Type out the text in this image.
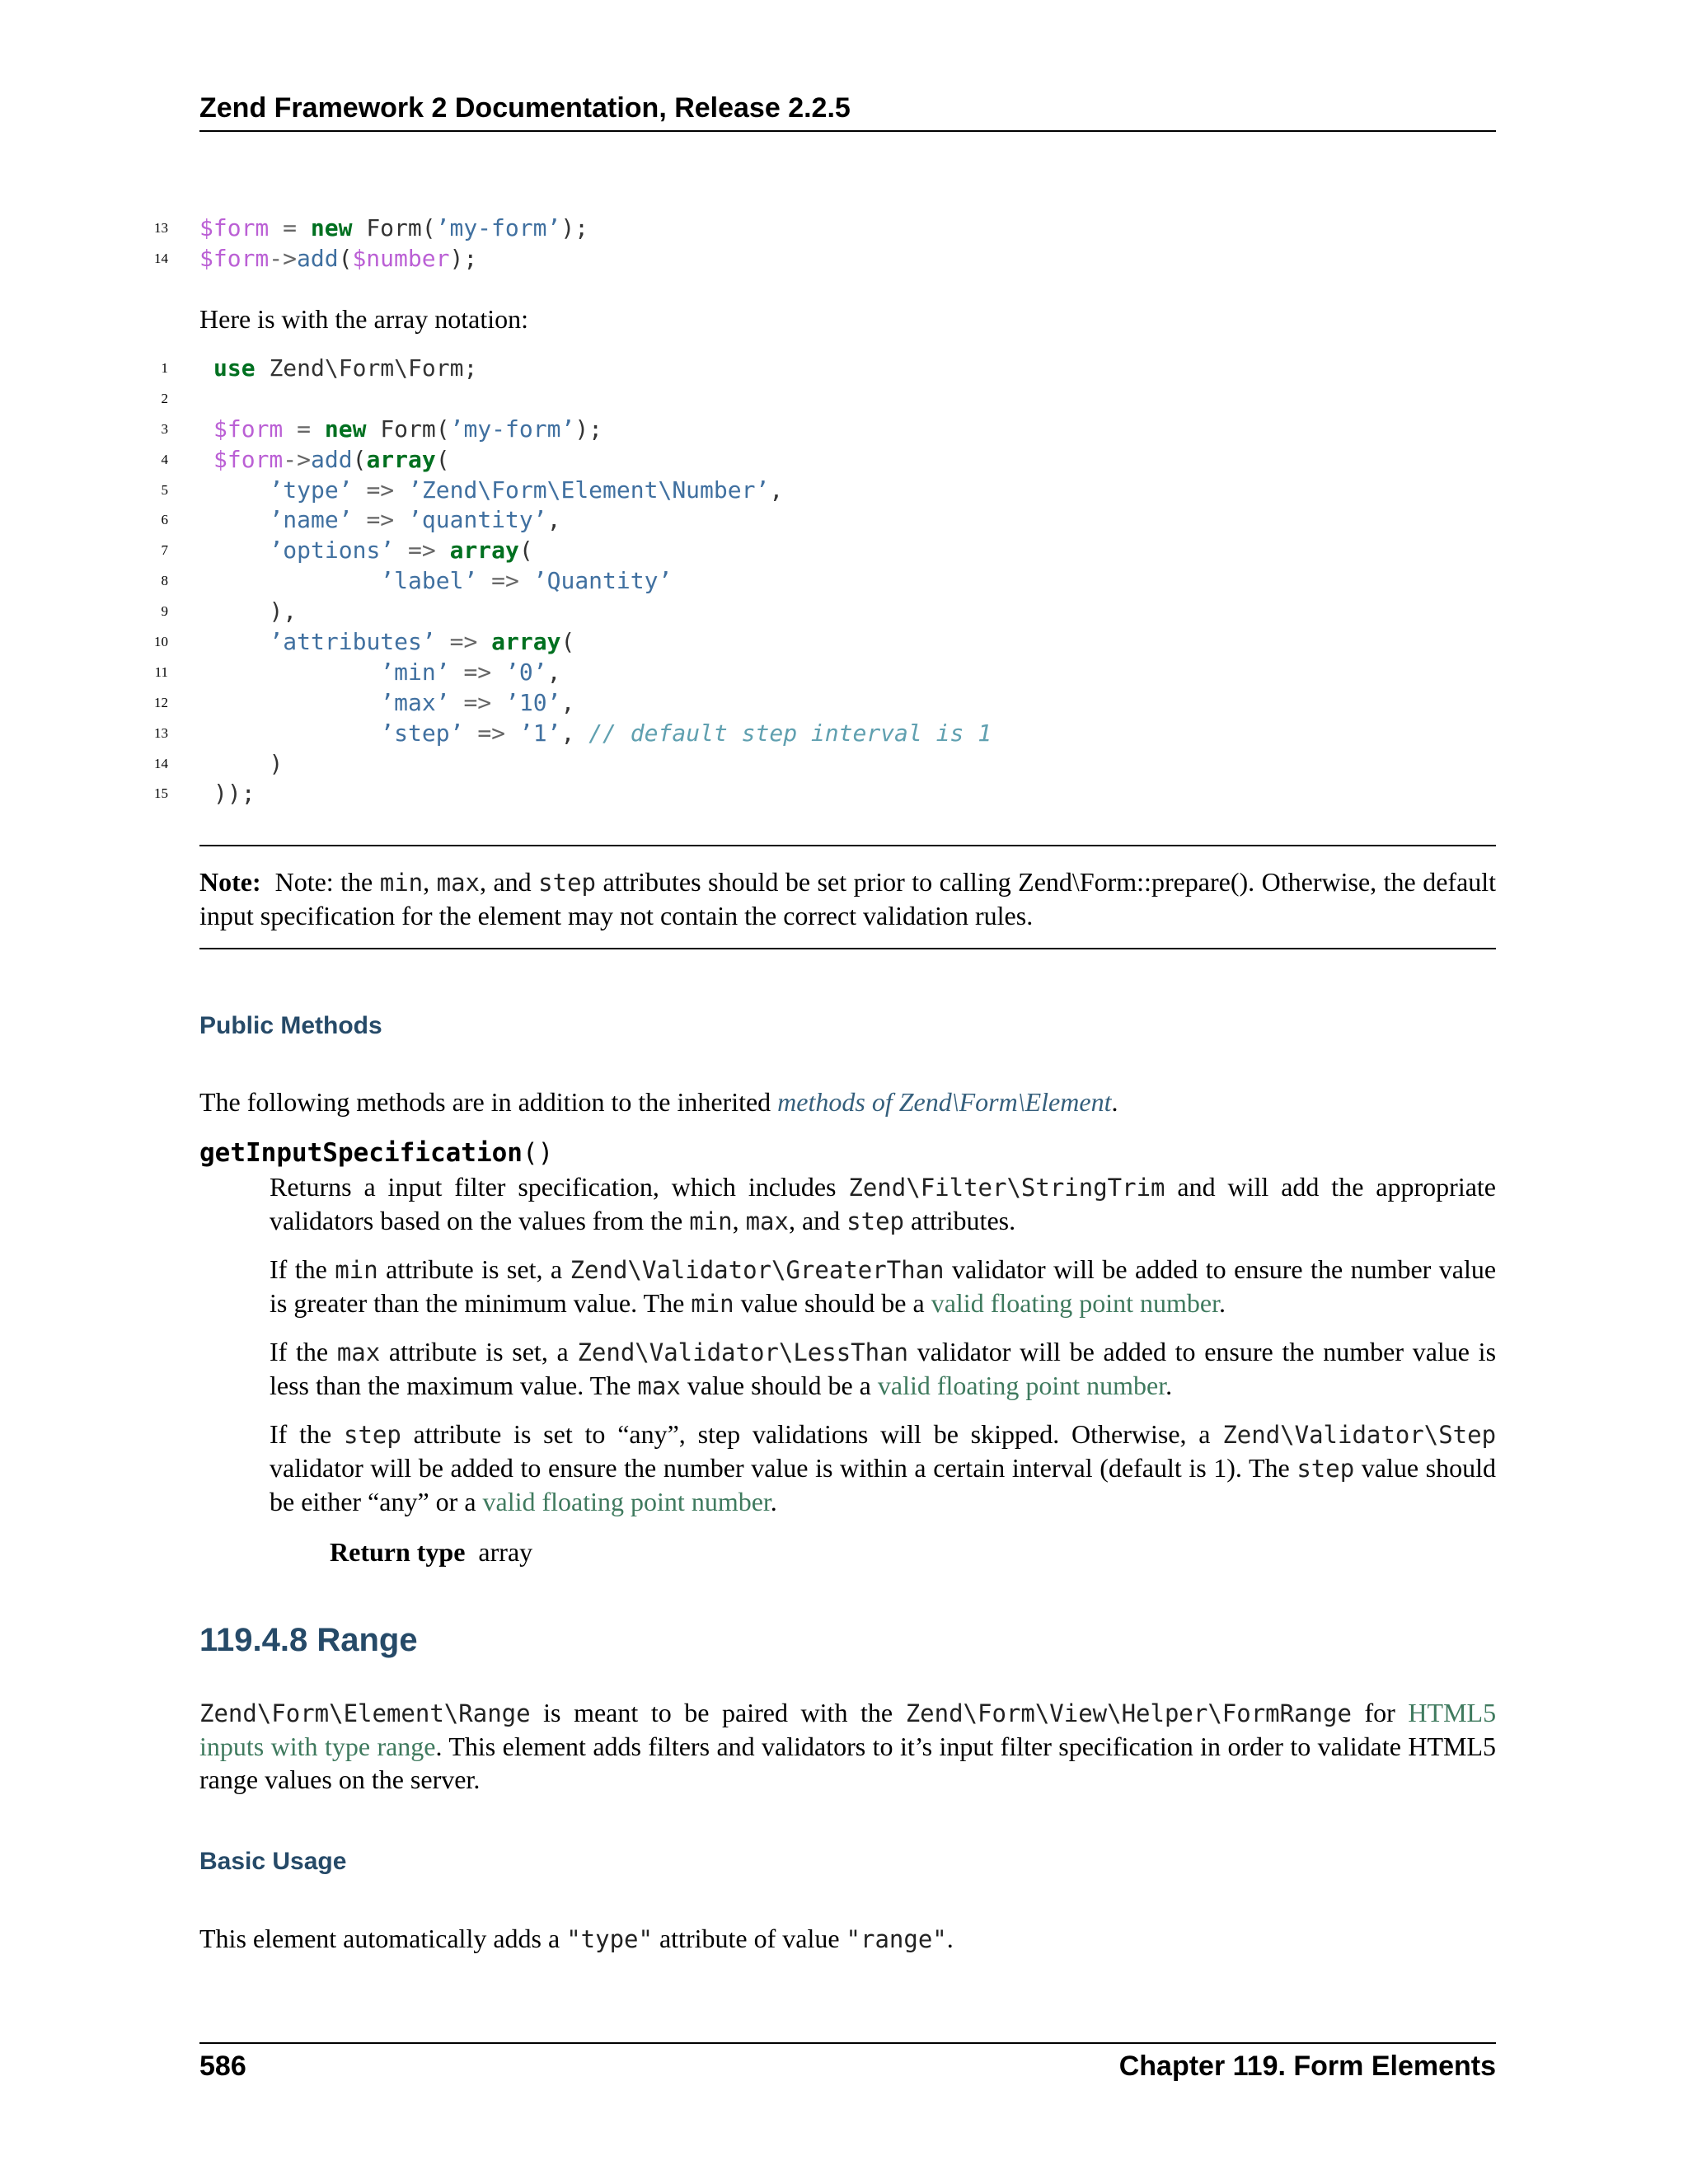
Zend Framework 2 Documentation, Release 2.2.5

13

$form = new Form(’my-form’);

14

$form->add($number);

Here is with the array notation:
1 use Zend\Form\Form;
2
3 $form = new Form(’my-form’);
4 $form->add(array(
5	’type’ => ’Zend\Form\Element\Number’,
6	’name’ => ’quantity’,
7	’options’ => array(
8	’label’ => ’Quantity’
9	),
10	’attributes’ => array(
11	’min’ => ’0’,
12	’max’ => ’10’,
13	’step’ => ’1’, // default step interval is 1
14	)
15 ));
Note: Note: the min, max, and step attributes should be set prior to calling Zend\Form::prepare(). Otherwise, the default input specification for the element may not contain the correct validation rules.
Public Methods
The following methods are in addition to the inherited methods of Zend\Form\Element.
getInputSpecification()
Returns a input filter specification, which includes Zend\Filter\StringTrim and will add the appropriate validators based on the values from the min, max, and step attributes.
If the min attribute is set, a Zend\Validator\GreaterThan validator will be added to ensure the number value is greater than the minimum value. The min value should be a valid floating point number.
If the max attribute is set, a Zend\Validator\LessThan validator will be added to ensure the number value is less than the maximum value. The max value should be a valid floating point number.
If the step attribute is set to “any”, step validations will be skipped. Otherwise, a Zend\Validator\Step validator will be added to ensure the number value is within a certain interval (default is 1). The step value should be either “any” or a valid floating point number.
Return type array
119.4.8 Range
Zend\Form\Element\Range is meant to be paired with the Zend\Form\View\Helper\FormRange for HTML5 inputs with type range. This element adds filters and validators to it’s input filter specification in order to validate HTML5 range values on the server.
Basic Usage
This element automatically adds a "type" attribute of value "range".
586	Chapter 119. Form Elements
